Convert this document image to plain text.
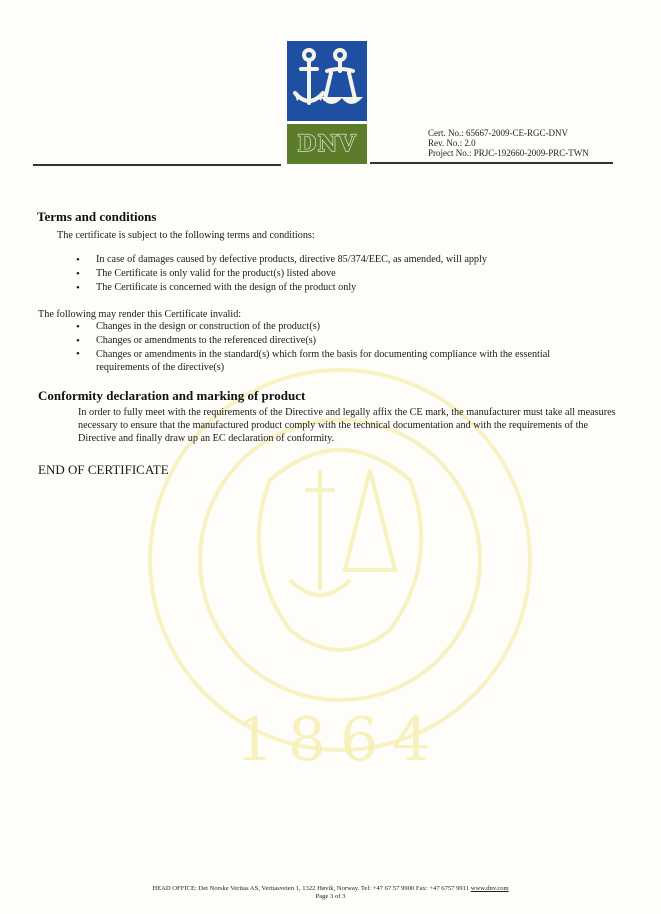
1864
DNV	Cert. No.: 65667-2009-CE-RGC-DNV
Rev. No.: 2.0
Project No.: PRJC-192660-2009-PRC-TWN
Terms and conditions
The certificate is subject to the following terms and conditions:
• In case of damages caused by defective products, directive 85/374/EEC, as amended, will apply
• The Certificate is only valid for the product(s) listed above
• The Certificate is concerned with the design of the product only
The following may render this Certificate invalid:
• Changes in the design or construction of the product(s)
• Changes or amendments to the referenced directive(s)
• Changes or amendments in the standard(s) which form the basis for documenting compliance with the essential requirements of the directive(s)
Conformity declaration and marking of product
In order to fully meet with the requirements of the Directive and legally affix the CE mark, the manufacturer must take all measures necessary to ensure that the manufactured product comply with the technical documentation and with the requirements of the Directive and finally draw up an EC declaration of conformity.
END OF CERTIFICATE
HEAD OFFICE: Det Norske Veritas AS, Veritasveien 1, 1322 Høvik, Norway. Tel: +47 67 57 9900 Fax: +47 6757 9911 www.dnv.com
Page 3 of 3
